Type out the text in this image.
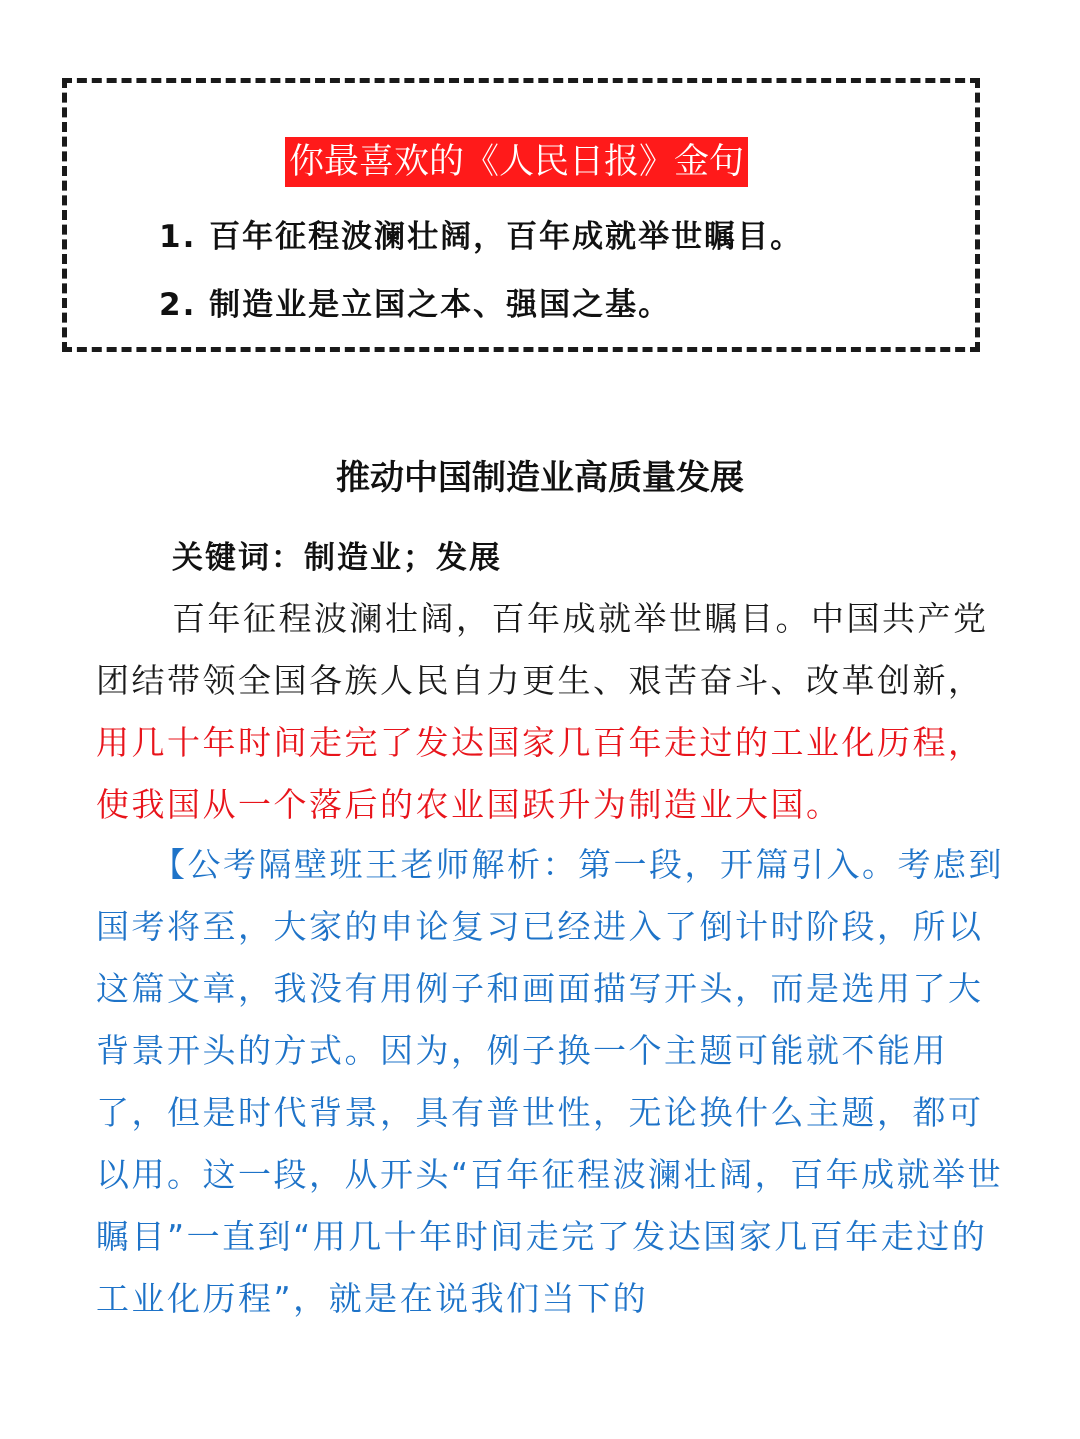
你最喜欢的《人民日报》金句
1. 百年征程波澜壮阔，百年成就举世瞩目。
2. 制造业是立国之本、强国之基。
推动中国制造业高质量发展
关键词：制造业；发展

百年征程波澜壮阔，百年成就举世瞩目。中国共产党团结带领全国各族人民自力更生、艰苦奋斗、改革创新，用几十年时间走完了发达国家几百年走过的工业化历程，使我国从一个落后的农业国跃升为制造业大国。

【公考隔壁班王老师解析：第一段，开篇引入。考虑到国考将至，大家的申论复习已经进入了倒计时阶段，所以这篇文章，我没有用例子和画面描写开头，而是选用了大背景开头的方式。因为，例子换一个主题可能就不能用了，但是时代背景，具有普世性，无论换什么主题，都可以用。这一段，从开头“百年征程波澜壮阔，百年成就举世瞩目”一直到“用几十年时间走完了发达国家几百年走过的工业化历程”，就是在说我们当下的
